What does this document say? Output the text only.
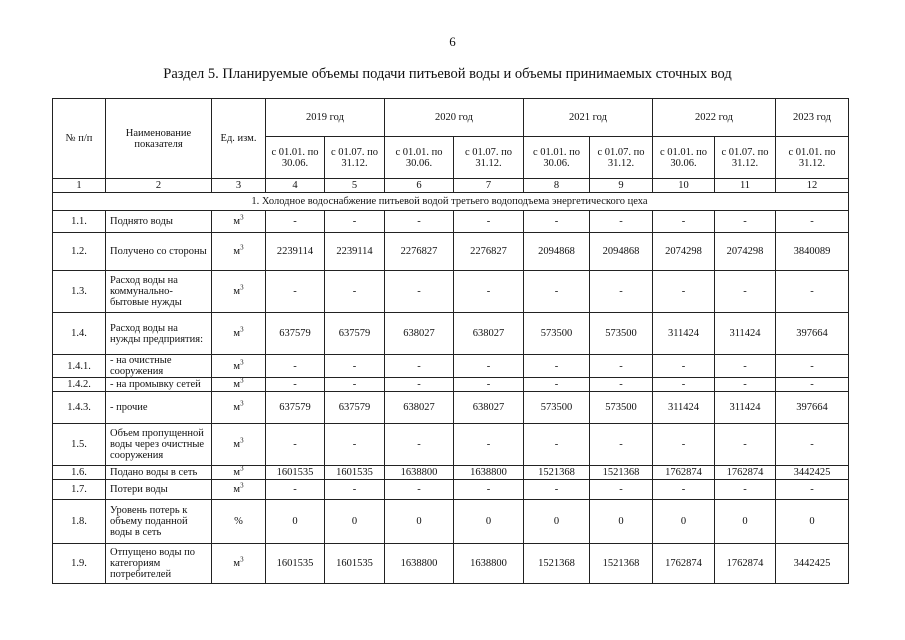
6
Раздел 5. Планируемые объемы подачи питьевой воды и объемы принимаемых сточных вод
№ п/п	Наименование показателя	Ед. изм.	2019 год		2020 год		2021 год		2022 год		2023 год
			с 01.01. по 30.06.	с 01.07. по 31.12.	с 01.01. по 30.06.	с 01.07. по 31.12.	с 01.01. по 30.06.	с 01.07. по 31.12.	с 01.01. по 30.06.	с 01.07. по 31.12.	с 01.01. по 31.12.
1	2	3	4	5	6	7	8	9	10	11	12
1. Холодное водоснабжение питьевой водой третьего водоподъема энергетического цеха											
1.1.	Поднято воды	$м^3$	-	-	-	-	-	-	-	-	-
1.2.	Получено со стороны	$м^3$	2239114	2239114	2276827	2276827	2094868	2094868	2074298	2074298	3840089
1.3.	Расход воды на коммунально-бытовые нужды	$м^3$	-	-	-	-	-	-	-	-	-
1.4.	Расход воды на нужды предприятия:	$м^3$	637579	637579	638027	638027	573500	573500	311424	311424	397664
1.4.1.	- на очистные сооружения	$м^3$	-	-	-	-	-	-	-	-	-
1.4.2.	- на промывку сетей	$м^3$	-	-	-	-	-	-	-	-	-
1.4.3.	- прочие	$м^3$	637579	637579	638027	638027	573500	573500	311424	311424	397664
1.5.	Объем пропущенной воды через очистные сооружения	$м^3$	-	-	-	-	-	-	-	-	-
1.6.	Подано воды в сеть	$м^3$	1601535	1601535	1638800	1638800	1521368	1521368	1762874	1762874	3442425
1.7.	Потери воды	$м^3$	-	-	-	-	-	-	-	-	-
1.8.	Уровень потерь к объему поданной воды в сеть	%	0	0	0	0	0	0	0	0	0
1.9.	Отпущено воды по категориям потребителей	$м^3$	1601535	1601535	1638800	1638800	1521368	1521368	1762874	1762874	3442425
